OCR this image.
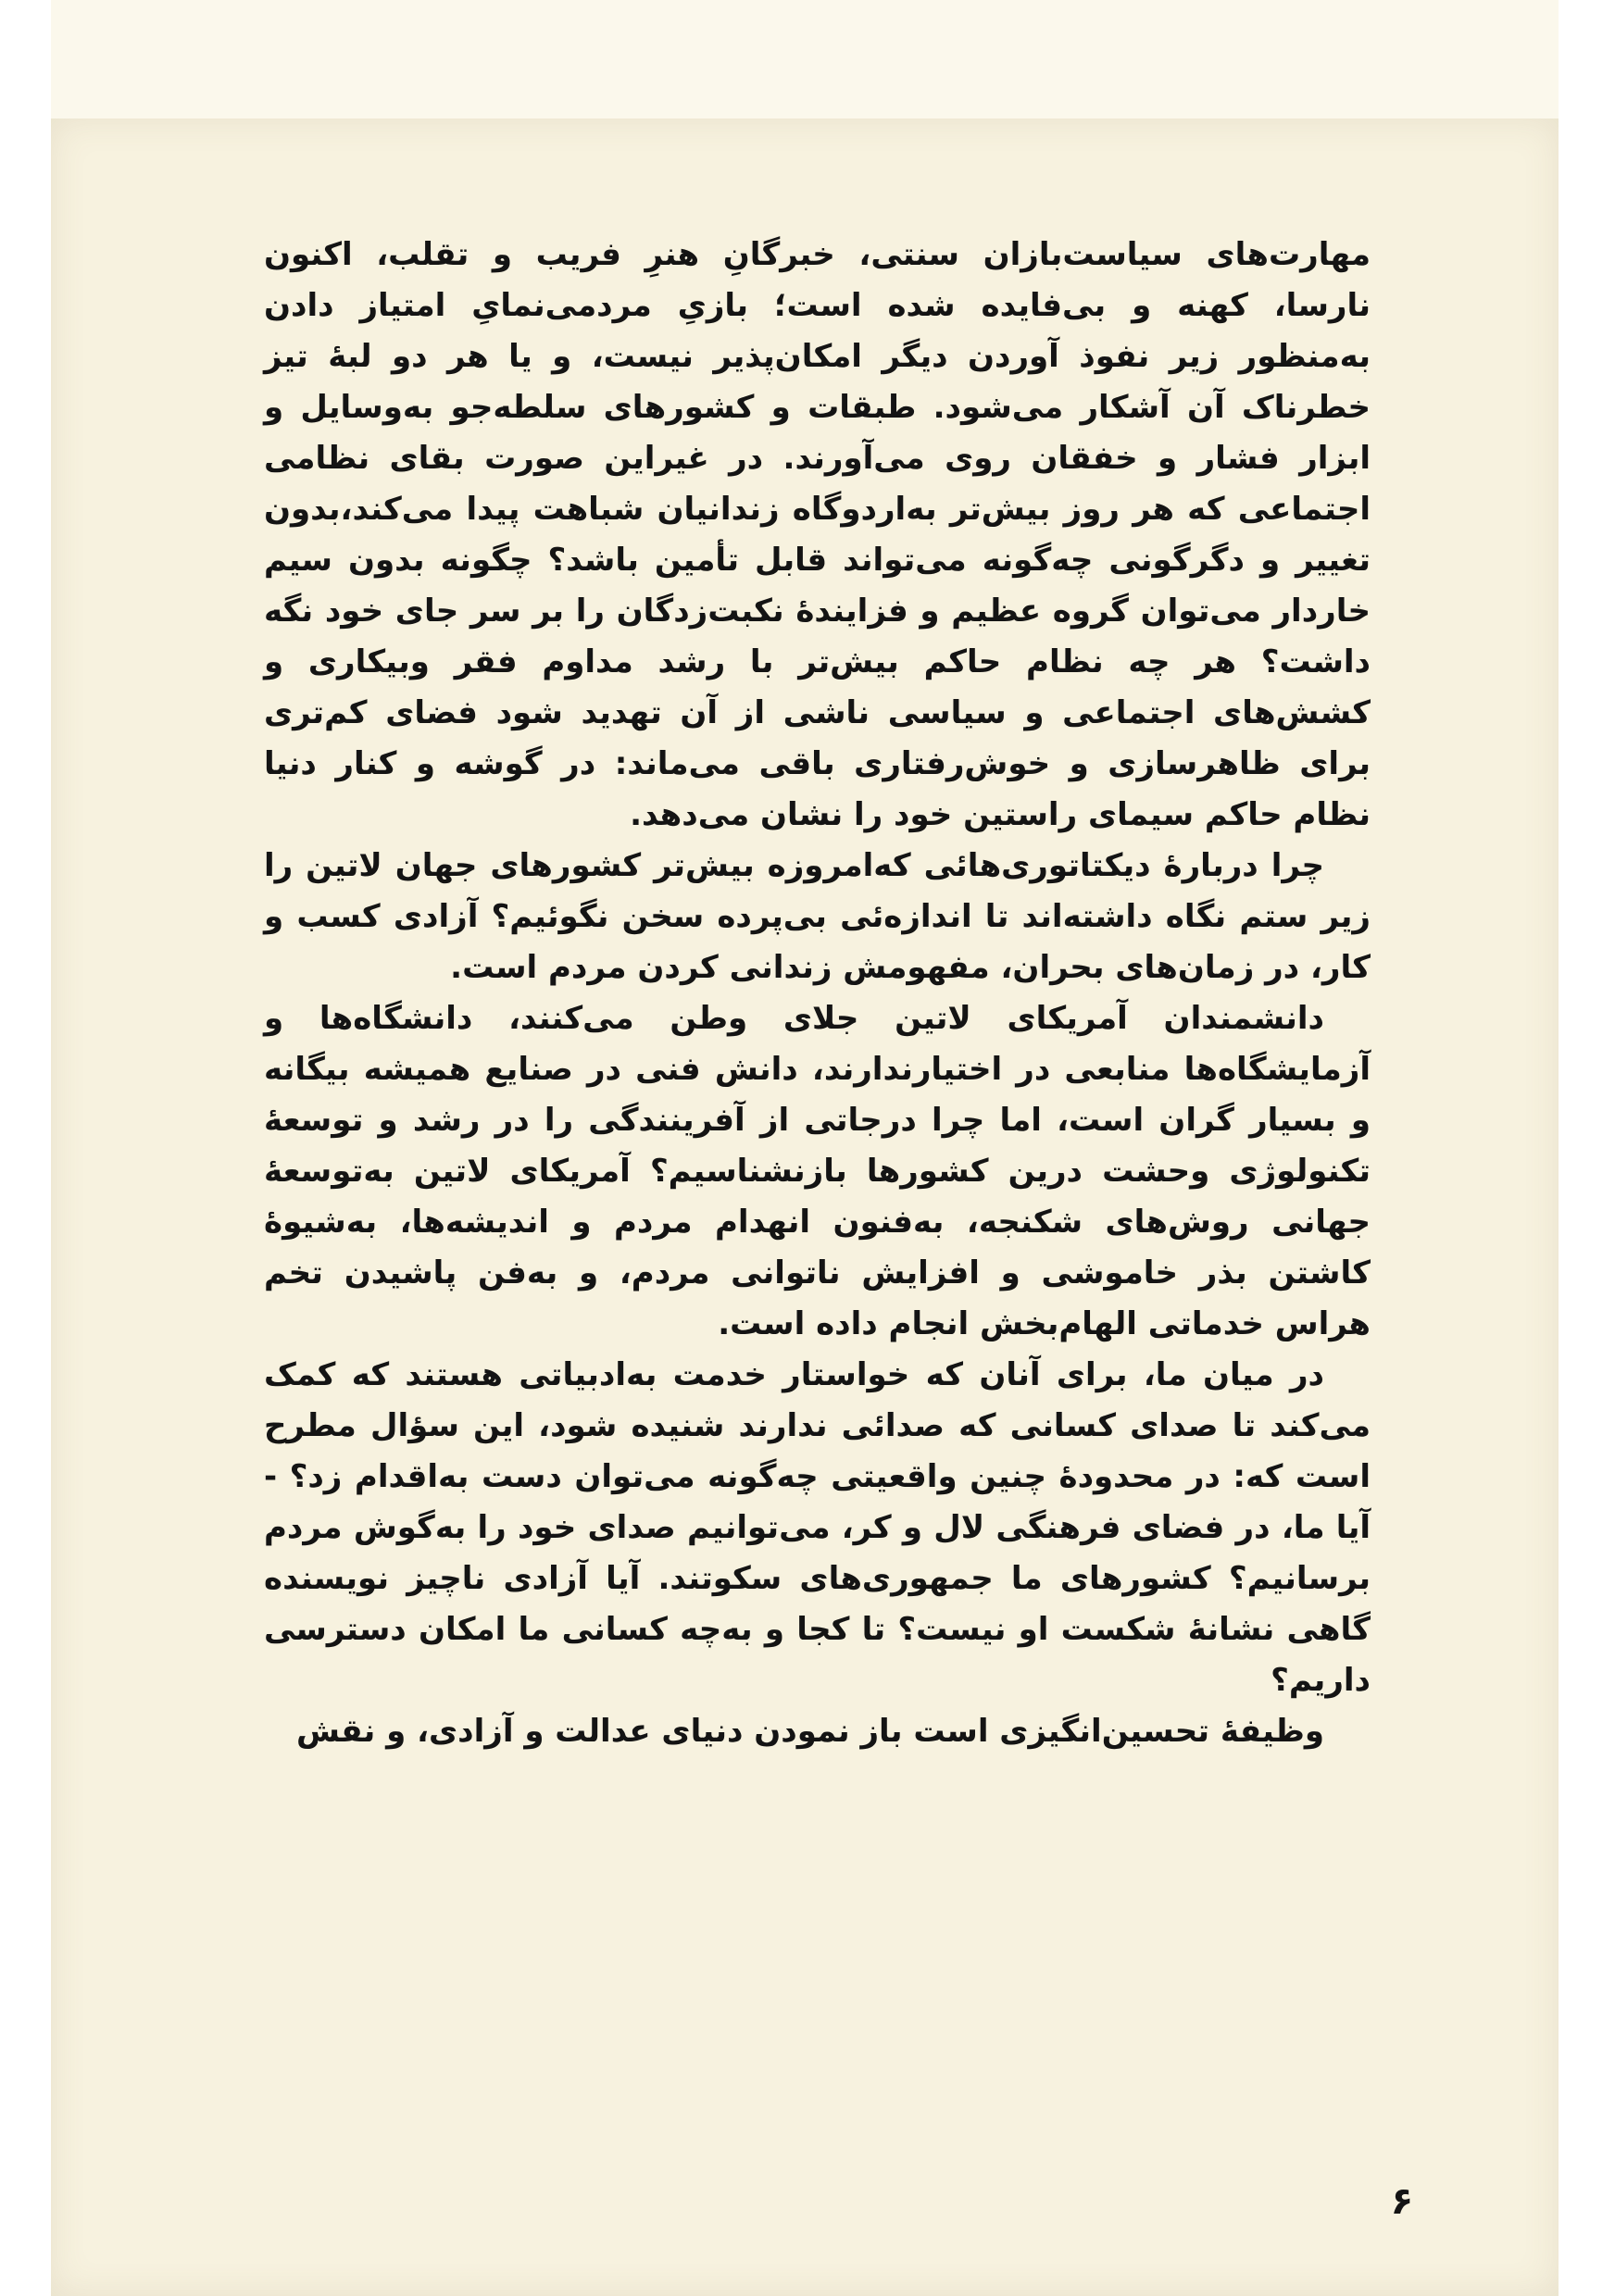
مهارت‌های سیاست‌بازان سنتی، خبرگانِ هنرِ فریب و تقلب، اکنون نارسا، کهنه و بی‌فایده شده است؛ بازیِ مردمی‌نمایِ امتیاز دادن به‌منظور زیر نفوذ آوردن دیگر امکان‌پذیر نیست، و یا هر دو لبهٔ تیز خطرناک آن آشکار می‌شود. طبقات و کشورهای سلطه‌جو به‌وسایل و ابزار فشار و خفقان روی می‌آورند. در غیراین صورت بقای نظامی اجتماعی که هر روز بیش‌تر به‌اردوگاه زندانیان شباهت پیدا می‌کند،بدون تغییر و دگرگونی چه‌گونه می‌تواند قابل تأمین باشد؟ چگونه بدون سیم خاردار می‌توان گروه عظیم و فزایندهٔ نکبت‌زدگان را بر سر جای خود نگه داشت؟ هر چه نظام حاکم بیش‌تر با رشد مداوم فقر وبیکاری و کشش‌های اجتماعی و سیاسی ناشی از آن تهدید شود فضای کم‌تری برای ظاهرسازی و خوش‌رفتاری باقی می‌ماند: در گوشه و کنار دنیا نظام حاکم سیمای راستین خود را نشان می‌دهد.

چرا دربارهٔ دیکتاتوری‌هائی که‌امروزه بیش‌تر کشورهای جهان لاتین را زیر ستم نگاه داشته‌اند تا اندازه‌ئی بی‌پرده سخن نگوئیم؟ آزادی کسب و کار، در زمان‌های بحران، مفهومش زندانی کردن مردم است.

دانشمندان آمریکای لاتین جلای وطن می‌کنند، دانشگاه‌ها و آزمایشگاه‌ها منابعی در اختیارندارند، دانش فنی در صنایع همیشه بیگانه و بسیار گران است، اما چرا درجاتی از آفرینندگی را در رشد و توسعهٔ تکنولوژی وحشت درین کشورها بازنشناسیم؟ آمریکای لاتین به‌توسعهٔ جهانی روش‌های شکنجه، به‌فنون انهدام مردم و اندیشه‌ها، به‌شیوهٔ کاشتن بذر خاموشی و افزایش ناتوانی مردم، و به‌فن پاشیدن تخم هراس خدماتی الهام‌بخش انجام داده است.

در میان ما، برای آنان که خواستار خدمت به‌ادبیاتی هستند که کمک می‌کند تا صدای کسانی که صدائی ندارند شنیده شود، این سؤال مطرح است که: در محدودهٔ چنین واقعیتی چه‌گونه می‌توان دست به‌اقدام زد؟ - آیا ما، در فضای فرهنگی لال و کر، می‌توانیم صدای خود را به‌گوش مردم برسانیم؟ کشورهای ما جمهوری‌های سکوتند. آیا آزادی ناچیز نویسنده گاهی نشانهٔ شکست او نیست؟ تا کجا و به‌چه کسانی ما امکان دسترسی داریم؟

وظیفهٔ تحسین‌انگیزی است باز نمودن دنیای عدالت و آزادی، و نقش

۶
